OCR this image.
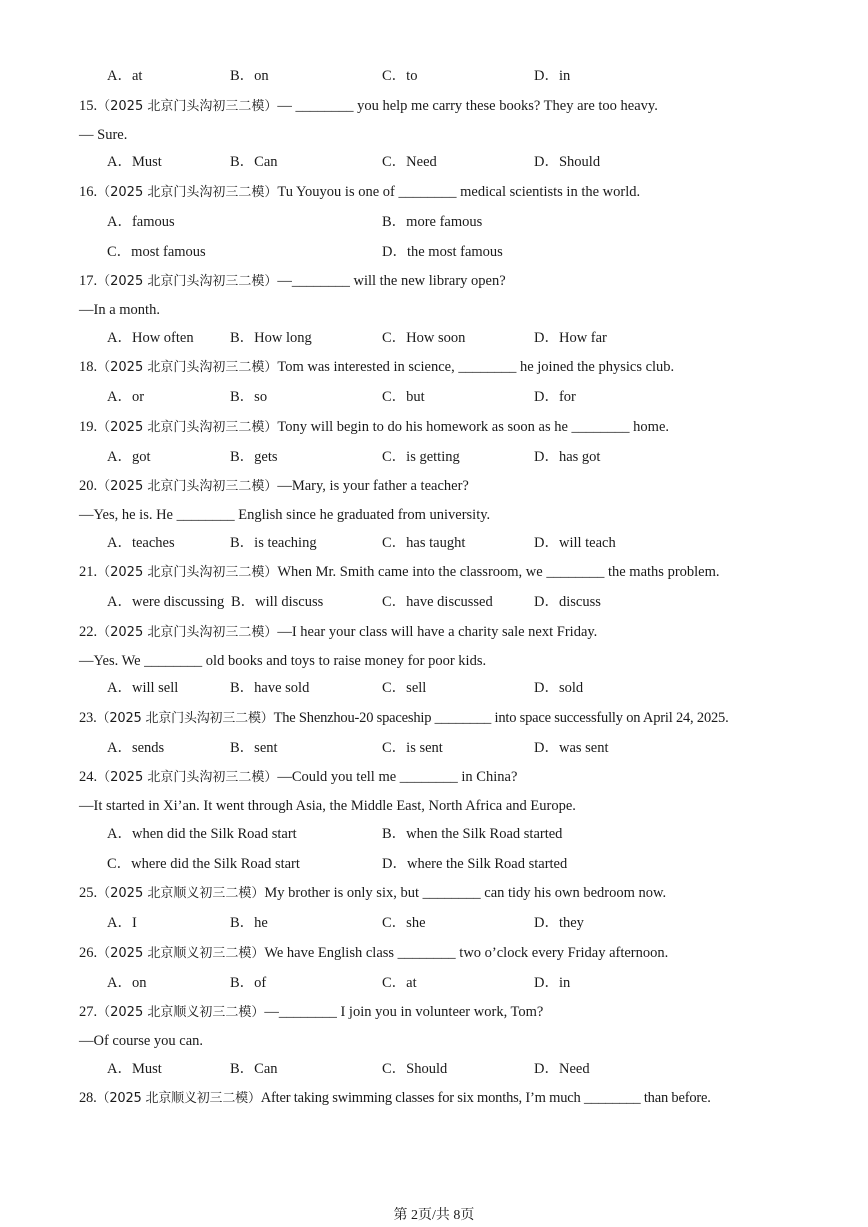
A．at	B．on	C．to	D．in
15.（2025 北京门头沟初三二模）— ________ you help me carry these books? They are too heavy.
— Sure.
A．Must	B．Can	C．Need	D．Should
16.（2025 北京门头沟初三二模）Tu Youyou is one of ________ medical scientists in the world.
A．famous	B．more famous
C．most famous	D．the most famous
17.（2025 北京门头沟初三二模）—________ will the new library open?
—In a month.
A．How often	B．How long	C．How soon	D．How far
18.（2025 北京门头沟初三二模）Tom was interested in science, ________ he joined the physics club.
A．or	B．so	C．but	D．for
19.（2025 北京门头沟初三二模）Tony will begin to do his homework as soon as he ________ home.
A．got	B．gets	C．is getting	D．has got
20.（2025 北京门头沟初三二模）—Mary, is your father a teacher?
—Yes, he is. He ________ English since he graduated from university.
A．teaches	B．is teaching	C．has taught	D．will teach
21.（2025 北京门头沟初三二模）When Mr. Smith came into the classroom, we ________ the maths problem.
A．were discussing B．will discuss	C．have discussed	D．discuss
22.（2025 北京门头沟初三二模）—I hear your class will have a charity sale next Friday.
—Yes. We ________ old books and toys to raise money for poor kids.
A．will sell	B．have sold	C．sell	D．sold
23.（2025 北京门头沟初三二模）The Shenzhou-20 spaceship ________ into space successfully on April 24, 2025.
A．sends	B．sent	C．is sent	D．was sent
24.（2025 北京门头沟初三二模）—Could you tell me ________ in China?
—It started in Xi’an. It went through Asia, the Middle East, North Africa and Europe.
A．when did the Silk Road start	B．when the Silk Road started
C．where did the Silk Road start	D．where the Silk Road started
25.（2025 北京顺义初三二模）My brother is only six, but ________ can tidy his own bedroom now.
A．I	B．he	C．she	D．they
26.（2025 北京顺义初三二模）We have English class ________ two o’clock every Friday afternoon.
A．on	B．of	C．at	D．in
27.（2025 北京顺义初三二模）—________ I join you in volunteer work, Tom?
—Of course you can.
A．Must	B．Can	C．Should	D．Need
28.（2025 北京顺义初三二模）After taking swimming classes for six months, I’m much ________ than before.
第 2页/共 8页
